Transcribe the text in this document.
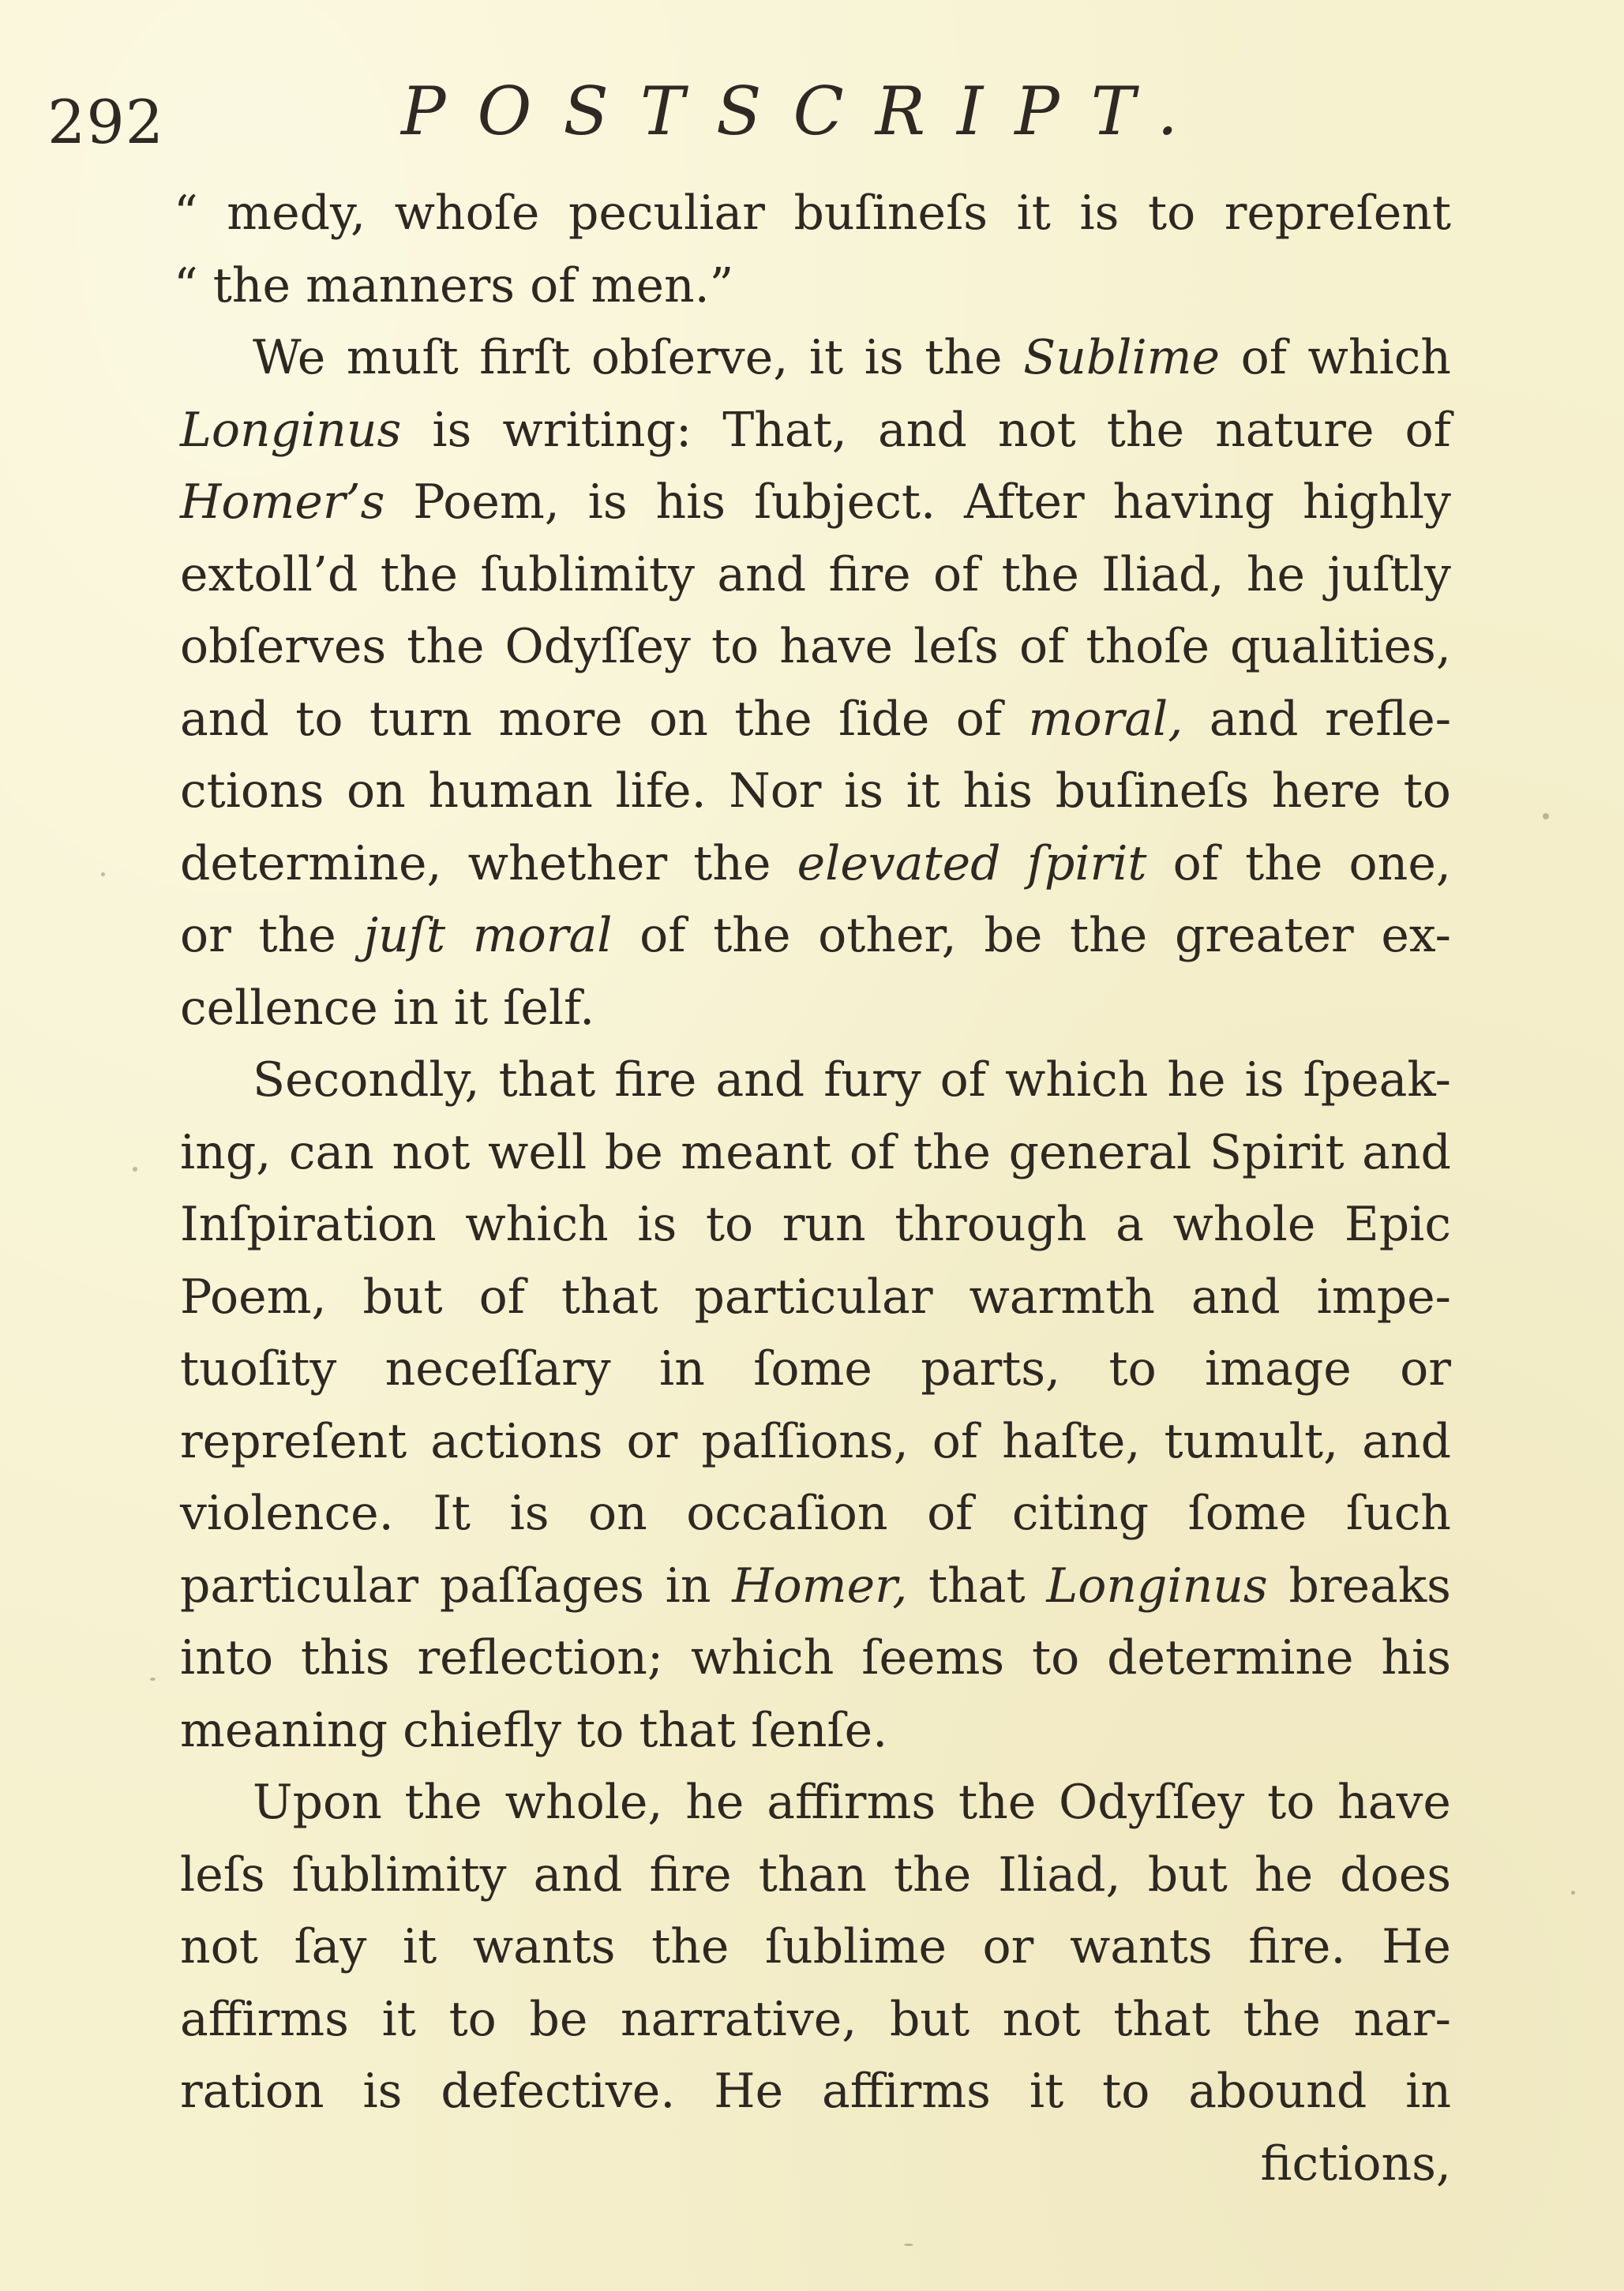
292	POSTSCRIPT.
“ medy, whoſe peculiar buſineſs it is to repreſent
“
the
manners
of
men.”
We muſt firſt obſerve, it is the Sublime of which
Longinus is writing: That, and not the nature of
Homer’s Poem, is his ſubject. After having highly
extoll’d the ſublimity and fire of the Iliad, he juſtly
obſerves the Odyſſey to have leſs of thoſe qualities,
and to turn more on the ſide of moral, and refle-
ctions on human life. Nor is it his buſineſs here to
determine, whether the elevated ſpirit of the one,
or the juſt moral of the other, be the greater ex-
cellence
in
it
ſelf.
Secondly, that fire and fury of which he is ſpeak-
ing, can not well be meant of the general Spirit and
Inſpiration which is to run through a whole Epic
Poem, but of that particular warmth and impe-
tuoſity neceſſary in ſome parts, to image or
repreſent actions or paſſions, of haſte, tumult, and
violence. It is on occaſion of citing ſome ſuch
particular paſſages in Homer, that Longinus breaks
into this reflection; which ſeems to determine his
meaning
chiefly
to
that
ſenſe.
Upon the whole, he affirms the Odyſſey to have
leſs ſublimity and fire than the Iliad, but he does
not ſay it wants the ſublime or wants fire. He
affirms it to be narrative, but not that the nar-
ration is defective. He affirms it to abound in
fictions,
